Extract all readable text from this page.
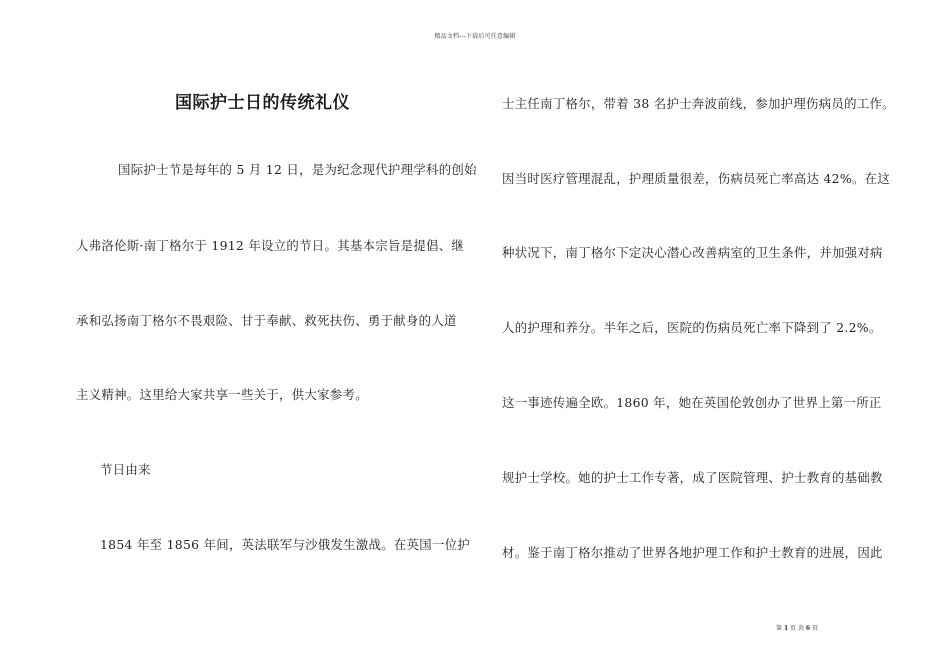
精品文档---下载后可任意编辑
国际护士日的传统礼仪
国际护士节是每年的 5 月 12 日，是为纪念现代护理学科的创始
人弗洛伦斯·南丁格尔于 1912 年设立的节日。其基本宗旨是提倡、继
承和弘扬南丁格尔不畏艰险、甘于奉献、救死扶伤、勇于献身的人道
主义精神。这里给大家共享一些关于，供大家参考。
节日由来
1854 年至 1856 年间，英法联军与沙俄发生激战。在英国一位护
士主任南丁格尔，带着 38 名护士奔波前线，参加护理伤病员的工作。
因当时医疗管理混乱，护理质量很差，伤病员死亡率高达 42%。在这
种状况下，南丁格尔下定决心潜心改善病室的卫生条件，并加强对病
人的护理和养分。半年之后，医院的伤病员死亡率下降到了 2.2%。
这一事迹传遍全欧。1860 年，她在英国伦敦创办了世界上第一所正
规护士学校。她的护士工作专著，成了医院管理、护士教育的基础教
材。鉴于南丁格尔推动了世界各地护理工作和护士教育的进展，因此
第 1 页 共 6 页
